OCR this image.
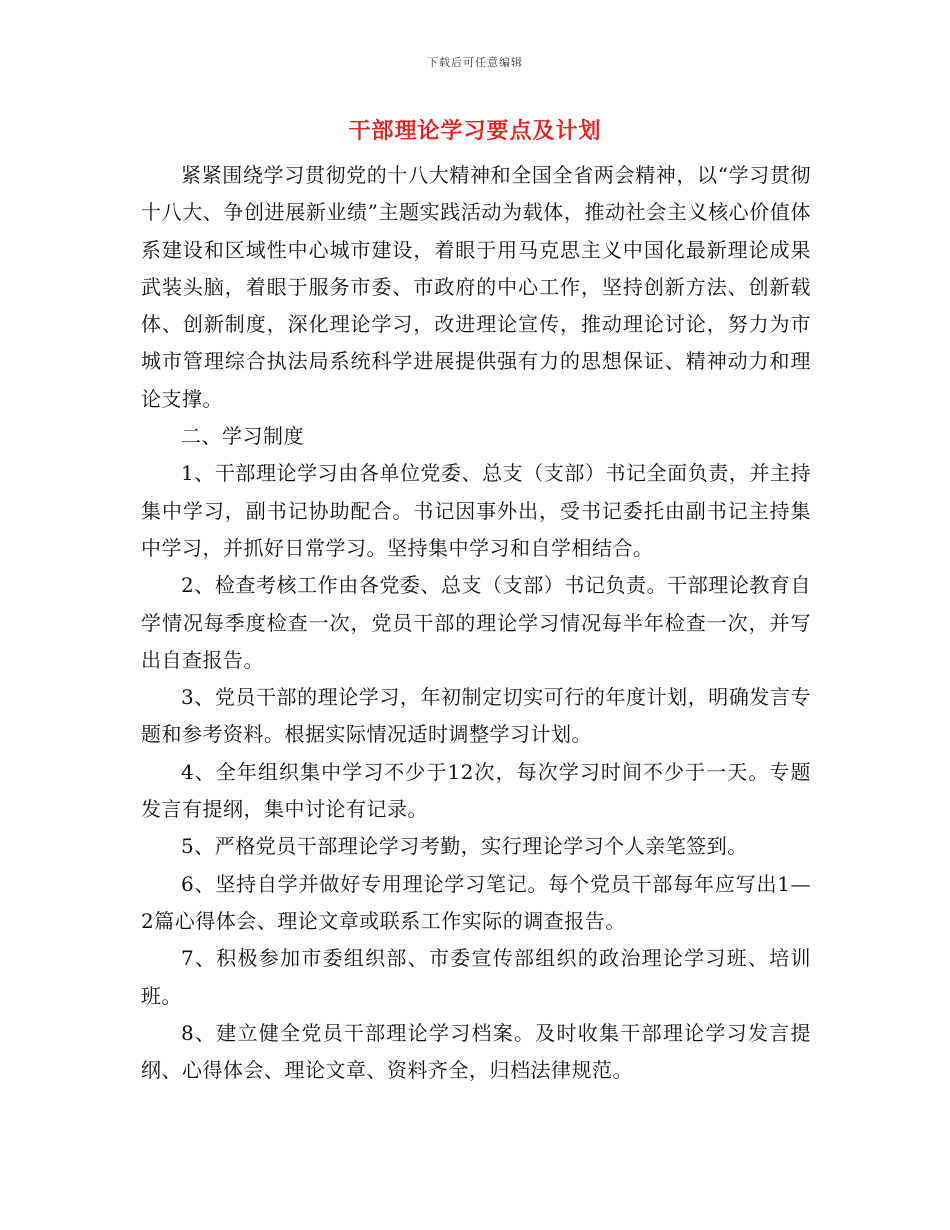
下载后可任意编辑
干部理论学习要点及计划

紧紧围绕学习贯彻党的十八大精神和全国全省两会精神，以“学习贯彻十八大、争创进展新业绩”主题实践活动为载体，推动社会主义核心价值体系建设和区域性中心城市建设，着眼于用马克思主义中国化最新理论成果武装头脑，着眼于服务市委、市政府的中心工作，坚持创新方法、创新载体、创新制度，深化理论学习，改进理论宣传，推动理论讨论，努力为市城市管理综合执法局系统科学进展提供强有力的思想保证、精神动力和理论支撑。

二、学习制度

1、干部理论学习由各单位党委、总支（支部）书记全面负责，并主持集中学习，副书记协助配合。书记因事外出，受书记委托由副书记主持集中学习，并抓好日常学习。坚持集中学习和自学相结合。

2、检查考核工作由各党委、总支（支部）书记负责。干部理论教育自学情况每季度检查一次，党员干部的理论学习情况每半年检查一次，并写出自查报告。

3、党员干部的理论学习，年初制定切实可行的年度计划，明确发言专题和参考资料。根据实际情况适时调整学习计划。

4、全年组织集中学习不少于12次，每次学习时间不少于一天。专题发言有提纲，集中讨论有记录。

5、严格党员干部理论学习考勤，实行理论学习个人亲笔签到。

6、坚持自学并做好专用理论学习笔记。每个党员干部每年应写出1—2篇心得体会、理论文章或联系工作实际的调查报告。

7、积极参加市委组织部、市委宣传部组织的政治理论学习班、培训班。

8、建立健全党员干部理论学习档案。及时收集干部理论学习发言提纲、心得体会、理论文章、资料齐全，归档法律规范。
